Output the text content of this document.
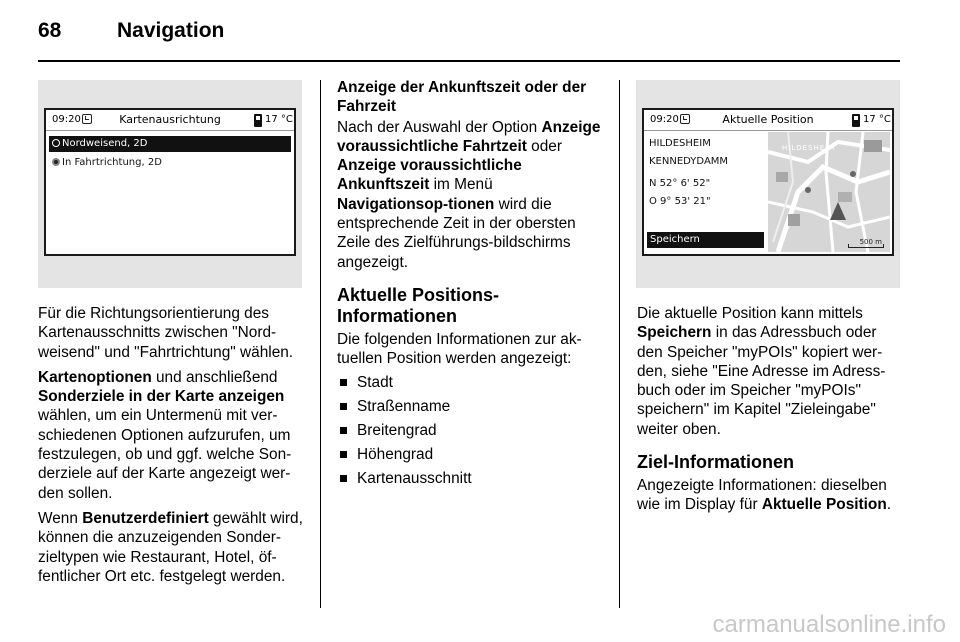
68	Navigation
09:20	Kartenausrichtung	17 °C
Nordweisend, 2D
In Fahrtrichtung, 2D

Für die Richtungsorientierung des Kartenausschnitts zwischen "Nord-weisend" und "Fahrtrichtung" wählen.

Kartenoptionen und anschließend Sonderziele in der Karte anzeigen wählen, um ein Untermenü mit ver-schiedenen Optionen aufzurufen, um festzulegen, ob und ggf. welche Son-derziele auf der Karte angezeigt wer-den sollen.

Wenn Benutzerdefiniert gewählt wird, können die anzuzeigenden Sonder-zieltypen wie Restaurant, Hotel, öf-fentlicher Ort etc. festgelegt werden.

Anzeige der Ankunftszeit oder der Fahrzeit

Nach der Auswahl der Option Anzeige voraussichtliche Fahrtzeit oder Anzeige voraussichtliche Ankunftszeit im Menü Navigationsop-tionen wird die entsprechende Zeit in der obersten Zeile des Zielführungs-bildschirms angezeigt.

Aktuelle Positions-Informationen

Die folgenden Informationen zur ak-tuellen Position werden angezeigt:

Stadt
Straßenname
Breitengrad
Höhengrad
Kartenausschnitt
09:20	Aktuelle Position	17 °C
HILDESHEIM
KENNEDYDAMM
N 52° 6' 52"
O 9° 53' 21"
Speichern
HILDESHEIM
500 m

Die aktuelle Position kann mittels Speichern in das Adressbuch oder den Speicher "myPOIs" kopiert wer-den, siehe "Eine Adresse im Adress-buch oder im Speicher "myPOIs" speichern" im Kapitel "Zieleingabe" weiter oben.

Ziel-Informationen

Angezeigte Informationen: dieselben wie im Display für Aktuelle Position.

carmanualsonline.info
